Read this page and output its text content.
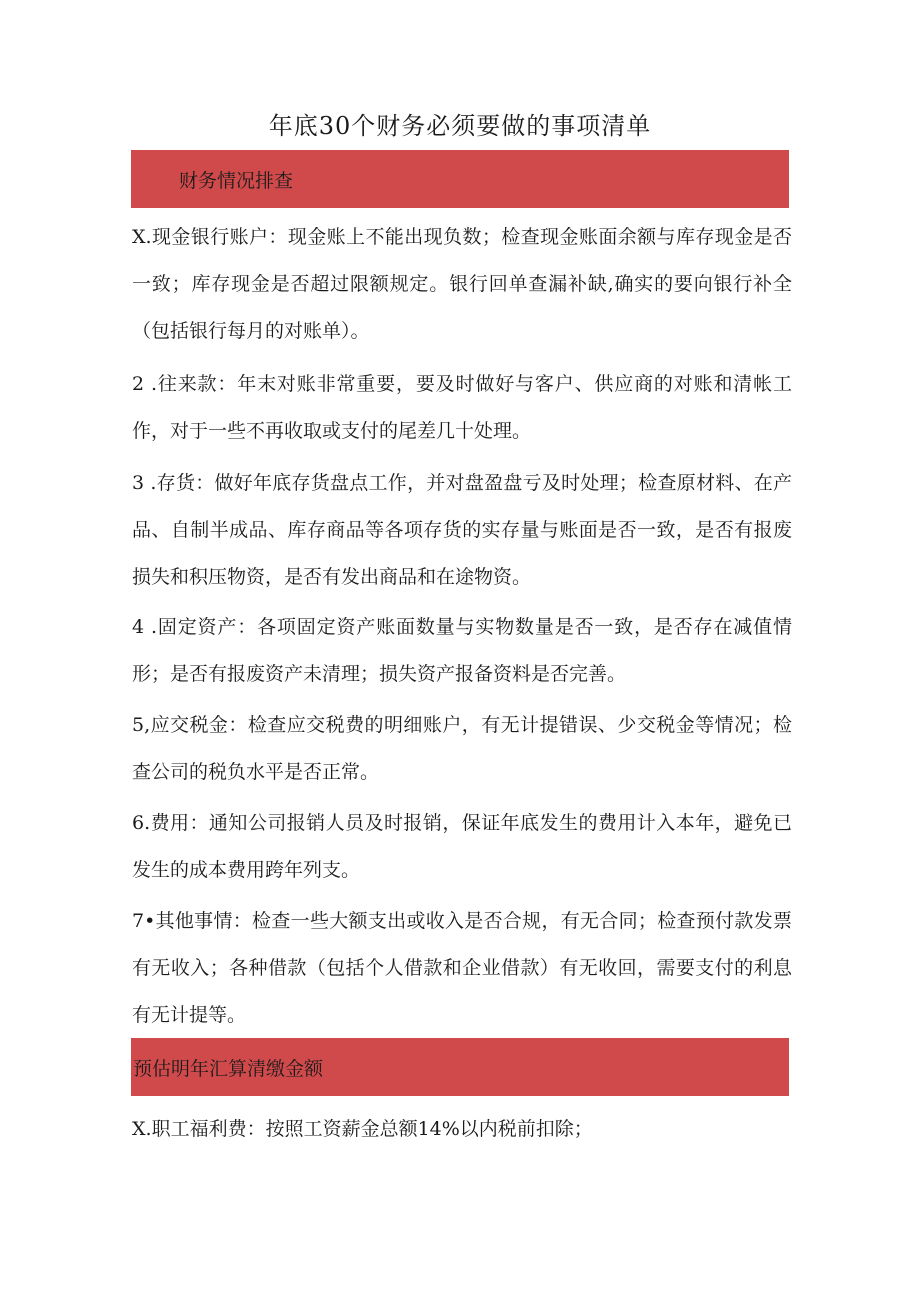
年底30个财务必须要做的事项清单
财务情况排查

X.现金银行账户：现金账上不能出现负数；检查现金账面余额与库存现金是否一致；库存现金是否超过限额规定。银行回单查漏补缺,确实的要向银行补全（包括银行每月的对账单）。

2 .往来款：年末对账非常重要，要及时做好与客户、供应商的对账和清帐工作，对于一些不再收取或支付的尾差几十处理。

3 .存货：做好年底存货盘点工作，并对盘盈盘亏及时处理；检查原材料、在产品、自制半成品、库存商品等各项存货的实存量与账面是否一致，是否有报废损失和积压物资，是否有发出商品和在途物资。

4 .固定资产：各项固定资产账面数量与实物数量是否一致，是否存在减值情形；是否有报废资产未清理；损失资产报备资料是否完善。

5,应交税金：检查应交税费的明细账户，有无计提错误、少交税金等情况；检查公司的税负水平是否正常。

6.费用：通知公司报销人员及时报销，保证年底发生的费用计入本年，避免已发生的成本费用跨年列支。

7•其他事情：检查一些大额支出或收入是否合规，有无合同；检查预付款发票有无收入；各种借款（包括个人借款和企业借款）有无收回，需要支付的利息有无计提等。

预估明年汇算清缴金额

X.职工福利费：按照工资薪金总额14%以内税前扣除；
